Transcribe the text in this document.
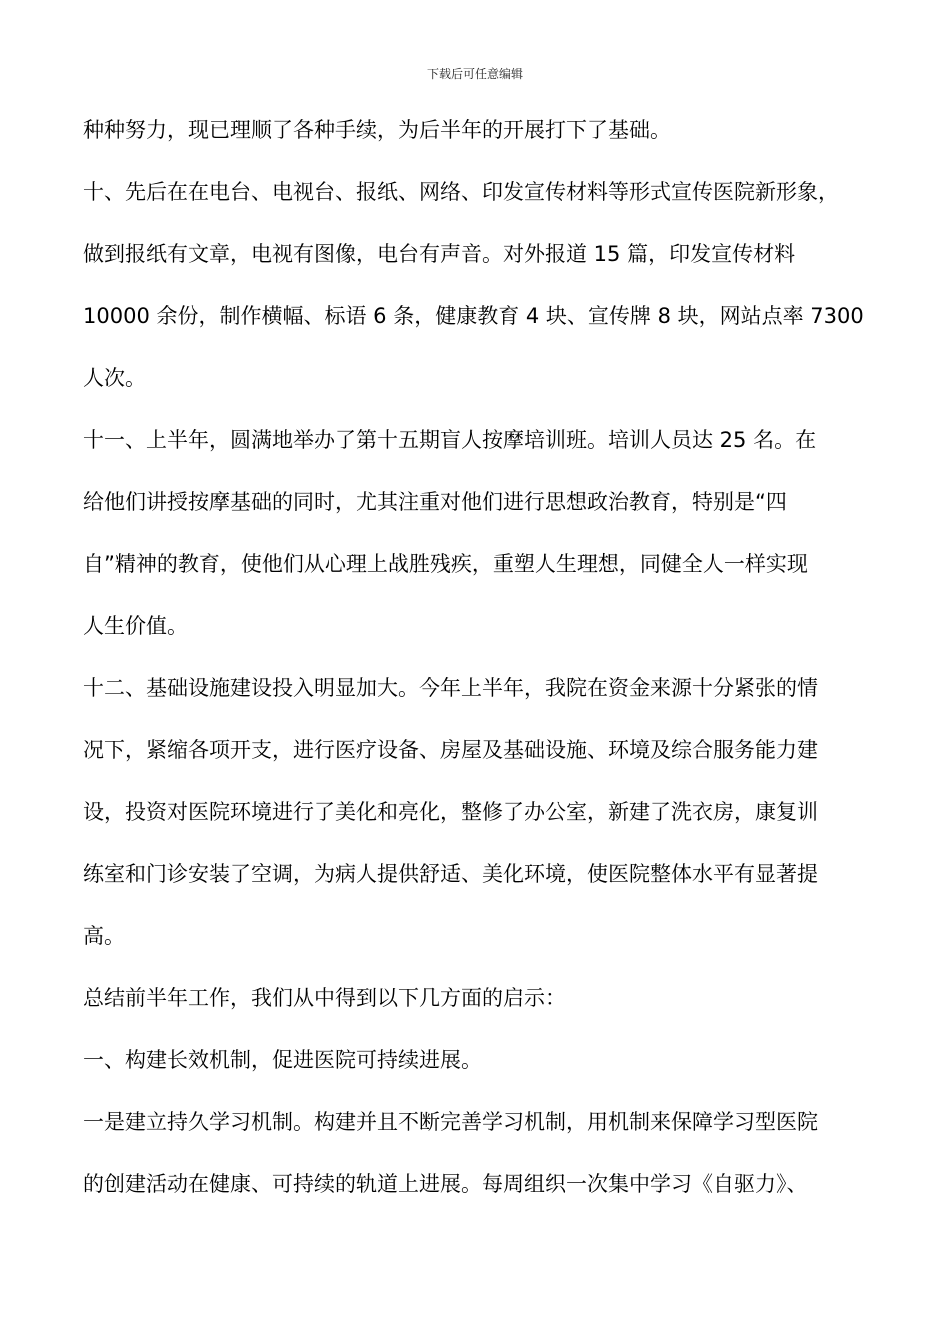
下载后可任意编辑
种种努力，现已理顺了各种手续，为后半年的开展打下了基础。
十、先后在在电台、电视台、报纸、网络、印发宣传材料等形式宣传医院新形象，
做到报纸有文章，电视有图像，电台有声音。对外报道 15 篇，印发宣传材料
10000 余份，制作横幅、标语 6 条，健康教育 4 块、宣传牌 8 块，网站点率 7300
人次。
十一、上半年，圆满地举办了第十五期盲人按摩培训班。培训人员达 25 名。在
给他们讲授按摩基础的同时，尤其注重对他们进行思想政治教育，特别是“四
自”精神的教育，使他们从心理上战胜残疾，重塑人生理想，同健全人一样实现
人生价值。
十二、基础设施建设投入明显加大。今年上半年，我院在资金来源十分紧张的情
况下，紧缩各项开支，进行医疗设备、房屋及基础设施、环境及综合服务能力建
设，投资对医院环境进行了美化和亮化，整修了办公室，新建了洗衣房，康复训
练室和门诊安装了空调，为病人提供舒适、美化环境，使医院整体水平有显著提
高。
总结前半年工作，我们从中得到以下几方面的启示：
一、构建长效机制，促进医院可持续进展。
一是建立持久学习机制。构建并且不断完善学习机制，用机制来保障学习型医院
的创建活动在健康、可持续的轨道上进展。每周组织一次集中学习《自驱力》、
